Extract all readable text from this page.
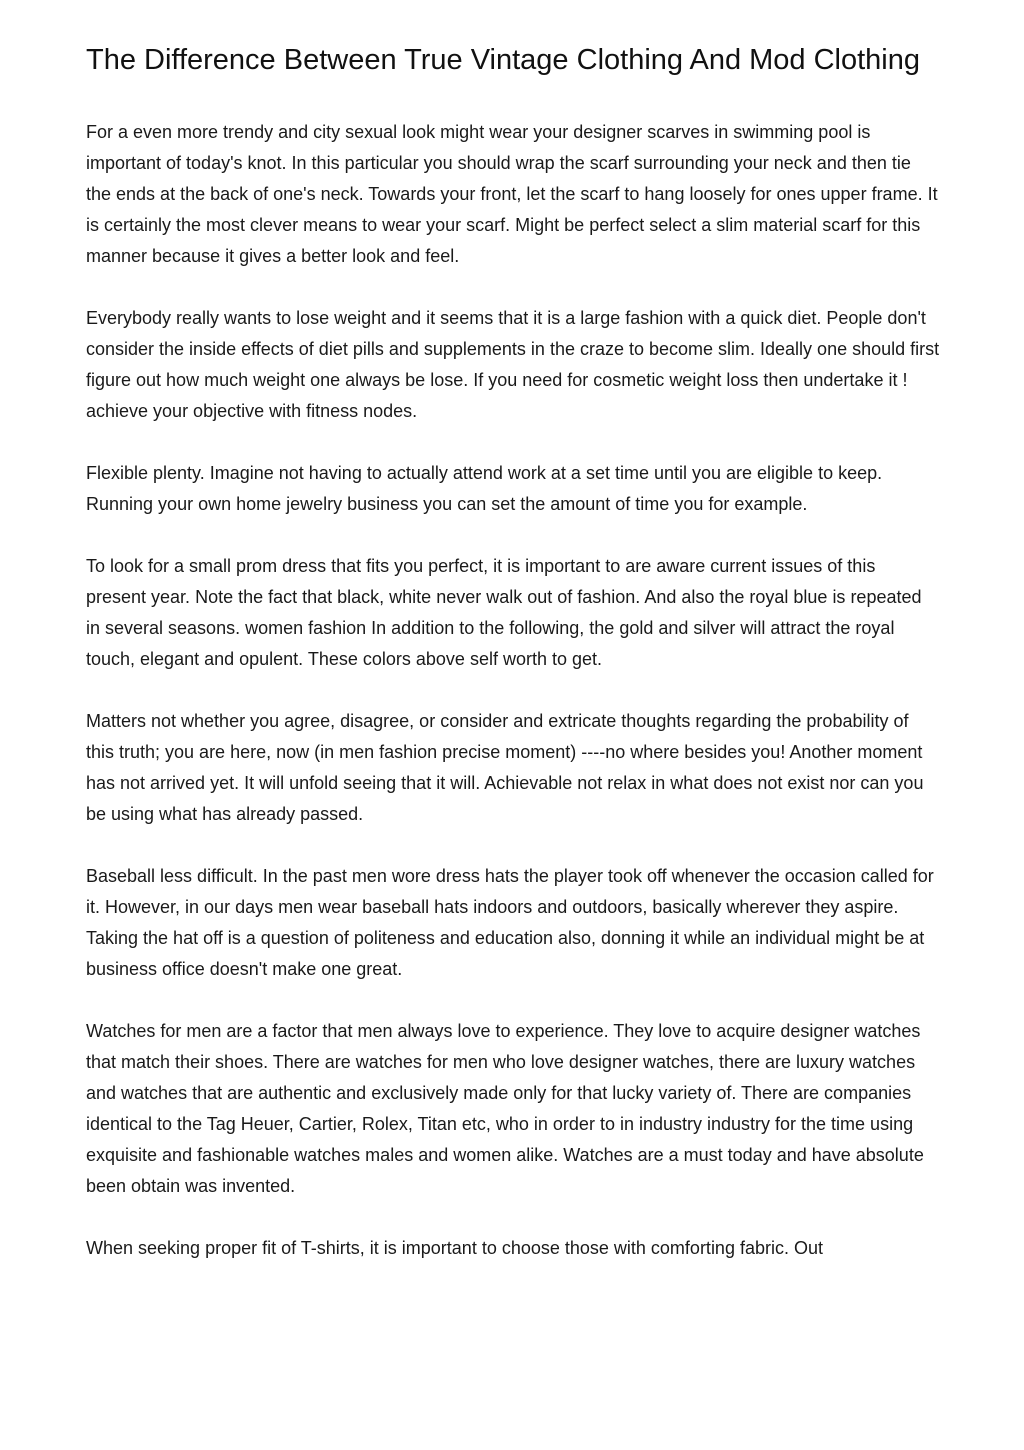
The Difference Between True Vintage Clothing And Mod Clothing

For a even more trendy and city sexual look might wear your designer scarves in swimming pool is important of today's knot. In this particular you should wrap the scarf surrounding your neck and then tie the ends at the back of one's neck. Towards your front, let the scarf to hang loosely for ones upper frame. It is certainly the most clever means to wear your scarf. Might be perfect select a slim material scarf for this manner because it gives a better look and feel.

Everybody really wants to lose weight and it seems that it is a large fashion with a quick diet. People don't consider the inside effects of diet pills and supplements in the craze to become slim. Ideally one should first figure out how much weight one always be lose. If you need for cosmetic weight loss then undertake it ! achieve your objective with fitness nodes.

Flexible plenty. Imagine not having to actually attend work at a set time until you are eligible to keep. Running your own home jewelry business you can set the amount of time you for example.

To look for a small prom dress that fits you perfect, it is important to are aware current issues of this present year. Note the fact that black, white never walk out of fashion. And also the royal blue is repeated in several seasons. women fashion In addition to the following, the gold and silver will attract the royal touch, elegant and opulent. These colors above self worth to get.

Matters not whether you agree, disagree, or consider and extricate thoughts regarding the probability of this truth; you are here, now (in men fashion precise moment) ----no where besides you! Another moment has not arrived yet. It will unfold seeing that it will. Achievable not relax in what does not exist nor can you be using what has already passed.

Baseball less difficult. In the past men wore dress hats the player took off whenever the occasion called for it. However, in our days men wear baseball hats indoors and outdoors, basically wherever they aspire. Taking the hat off is a question of politeness and education also, donning it while an individual might be at business office doesn't make one great.

Watches for men are a factor that men always love to experience. They love to acquire designer watches that match their shoes. There are watches for men who love designer watches, there are luxury watches and watches that are authentic and exclusively made only for that lucky variety of. There are companies identical to the Tag Heuer, Cartier, Rolex, Titan etc, who in order to in industry industry for the time using exquisite and fashionable watches males and women alike. Watches are a must today and have absolute been obtain was invented.

When seeking proper fit of T-shirts, it is important to choose those with comforting fabric. Out
